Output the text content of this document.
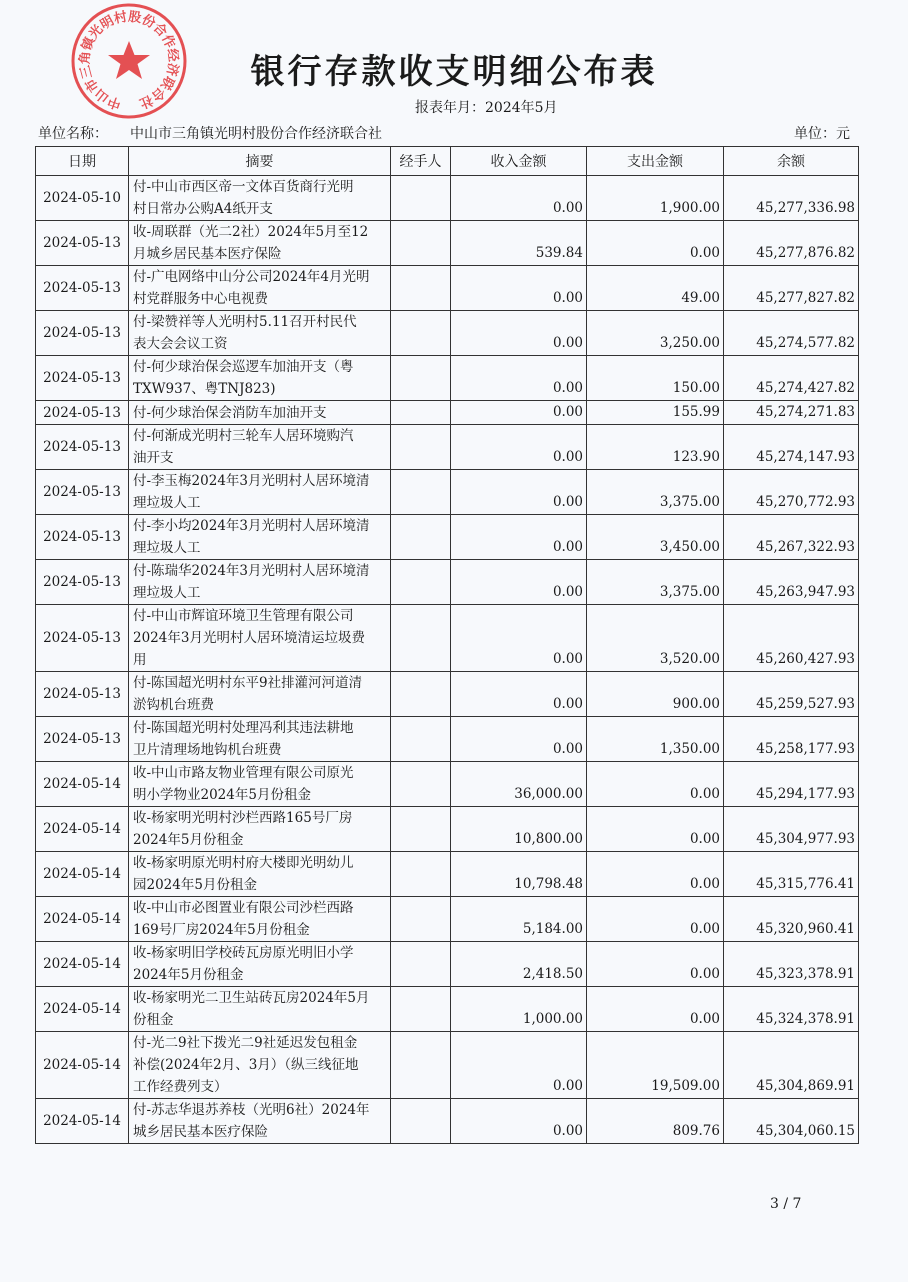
银行存款收支明细公布表
报表年月：2024年5月
单位名称： 中山市三角镇光明村股份合作经济联合社	单位：元
日期	摘要	经手人	收入金额	支出金额	余额
2024-05-10	付-中山市西区帝一文体百货商行光明
村日常办公购A4纸开支		0.00	1,900.00	45,277,336.98
2024-05-13	收-周联群（光二2社）2024年5月至12
月城乡居民基本医疗保险		539.84	0.00	45,277,876.82
2024-05-13	付-广电网络中山分公司2024年4月光明
村党群服务中心电视费		0.00	49.00	45,277,827.82
2024-05-13	付-梁赞祥等人光明村5.11召开村民代
表大会会议工资		0.00	3,250.00	45,274,577.82
2024-05-13	付-何少球治保会巡逻车加油开支（粤
TXW937、粤TNJ823)		0.00	150.00	45,274,427.82
2024-05-13	付-何少球治保会消防车加油开支		0.00	155.99	45,274,271.83
2024-05-13	付-何渐成光明村三轮车人居环境购汽
油开支		0.00	123.90	45,274,147.93
2024-05-13	付-李玉梅2024年3月光明村人居环境清
理垃圾人工		0.00	3,375.00	45,270,772.93
2024-05-13	付-李小均2024年3月光明村人居环境清
理垃圾人工		0.00	3,450.00	45,267,322.93
2024-05-13	付-陈瑞华2024年3月光明村人居环境清
理垃圾人工		0.00	3,375.00	45,263,947.93
2024-05-13	付-中山市辉谊环境卫生管理有限公司
2024年3月光明村人居环境清运垃圾费
用		0.00	3,520.00	45,260,427.93
2024-05-13	付-陈国超光明村东平9社排灌河河道清
淤钩机台班费		0.00	900.00	45,259,527.93
2024-05-13	付-陈国超光明村处理冯利其违法耕地
卫片清理场地钩机台班费		0.00	1,350.00	45,258,177.93
2024-05-14	收-中山市路友物业管理有限公司原光
明小学物业2024年5月份租金		36,000.00	0.00	45,294,177.93
2024-05-14	收-杨家明光明村沙栏西路165号厂房
2024年5月份租金		10,800.00	0.00	45,304,977.93
2024-05-14	收-杨家明原光明村府大楼即光明幼儿
园2024年5月份租金		10,798.48	0.00	45,315,776.41
2024-05-14	收-中山市必图置业有限公司沙栏西路
169号厂房2024年5月份租金		5,184.00	0.00	45,320,960.41
2024-05-14	收-杨家明旧学校砖瓦房原光明旧小学
2024年5月份租金		2,418.50	0.00	45,323,378.91
2024-05-14	收-杨家明光二卫生站砖瓦房2024年5月
份租金		1,000.00	0.00	45,324,378.91
2024-05-14	付-光二9社下拨光二9社延迟发包租金
补偿(2024年2月、3月）（纵三线征地
工作经费列支）		0.00	19,509.00	45,304,869.91
2024-05-14	付-苏志华退苏养枝（光明6社）2024年
城乡居民基本医疗保险		0.00	809.76	45,304,060.15
中山市三角镇光明村股份合作经济联合社
3 / 7
